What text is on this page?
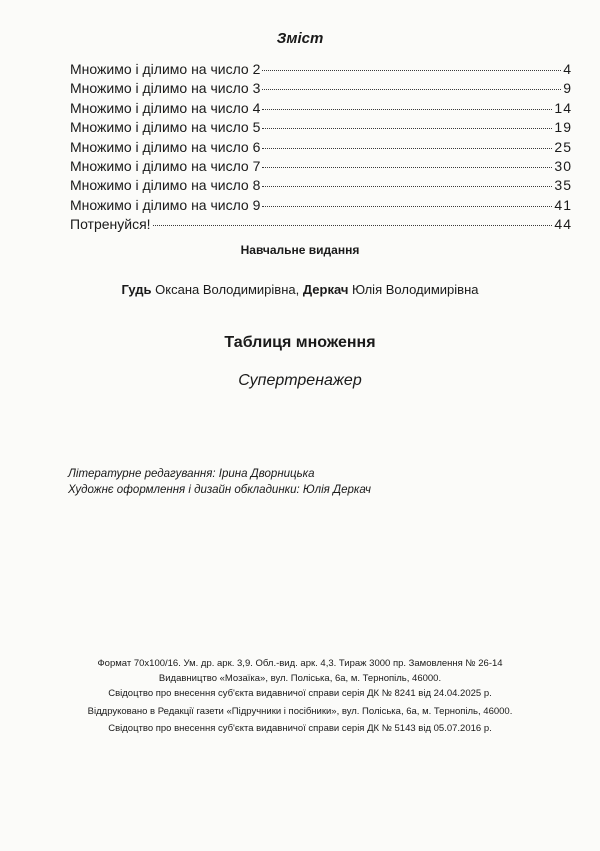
Зміст
Множимо і ділимо на число 2	4
Множимо і ділимо на число 3	9
Множимо і ділимо на число 4	14
Множимо і ділимо на число 5	19
Множимо і ділимо на число 6	25
Множимо і ділимо на число 7	30
Множимо і ділимо на число 8	35
Множимо і ділимо на число 9	41
Потренуйся!	44

Навчальне видання

Гудь Оксана Володимирівна, Деркач Юлія Володимирівна

Таблиця множення

Супертренажер

Літературне редагування: Ірина Дворницька
Художнє оформлення і дизайн обкладинки: Юлія Деркач
Формат 70х100/16. Ум. др. арк. 3,9. Обл.-вид. арк. 4,3. Тираж 3000 пр. Замовлення № 26-14
Видавництво «Мозаїка», вул. Поліська, 6а, м. Тернопіль, 46000.
Свідоцтво про внесення суб'єкта видавничої справи серія ДК № 8241 від 24.04.2025 р.
Віддруковано в Редакції газети «Підручники і посібники», вул. Поліська, 6а, м. Тернопіль, 46000.
Свідоцтво про внесення суб'єкта видавничої справи серія ДК № 5143 від 05.07.2016 р.
